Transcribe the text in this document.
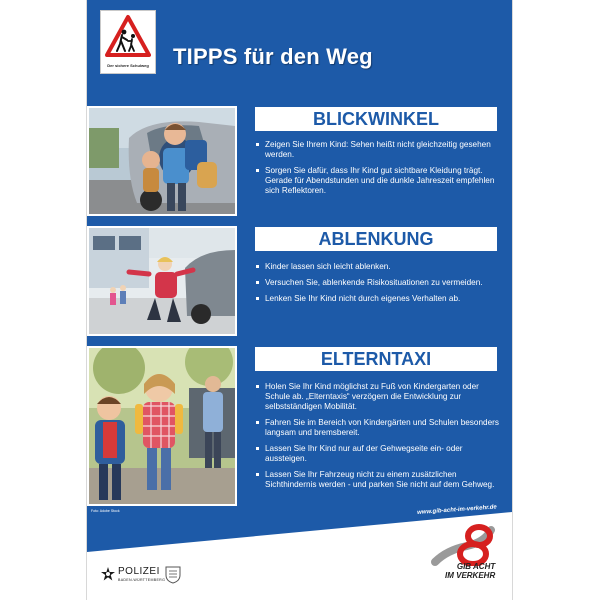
Der sichere Schulweg TIPPS für den Weg
Foto: Adobe Stock
BLICKWINKEL
Zeigen Sie Ihrem Kind: Sehen heißt nicht gleichzeitig gesehen werden.
Sorgen Sie dafür, dass Ihr Kind gut sichtbare Kleidung trägt. Gerade für Abendstunden und die dunkle Jahreszeit empfehlen sich Reflektoren.
ABLENKUNG
Kinder lassen sich leicht ablenken.
Versuchen Sie, ablenkende Risikosituationen zu vermeiden.
Lenken Sie Ihr Kind nicht durch eigenes Verhalten ab.
ELTERNTAXI
Holen Sie Ihr Kind möglichst zu Fuß von Kindergarten oder Schule ab. „Elterntaxis“ verzögern die Entwicklung zur selbstständigen Mobilität.
Fahren Sie im Bereich von Kindergärten und Schulen besonders langsam und bremsbereit.
Lassen Sie Ihr Kind nur auf der Gehwegseite ein- oder aussteigen.
Lassen Sie Ihr Fahrzeug nicht zu einem zusätzlichen Sichthindernis werden - und parken Sie nicht auf dem Gehweg.
www.gib-acht-im-verkehr.de
POLIZEI
BADEN-WÜRTTEMBERG
GIB ACHT
IM VERKEHR
